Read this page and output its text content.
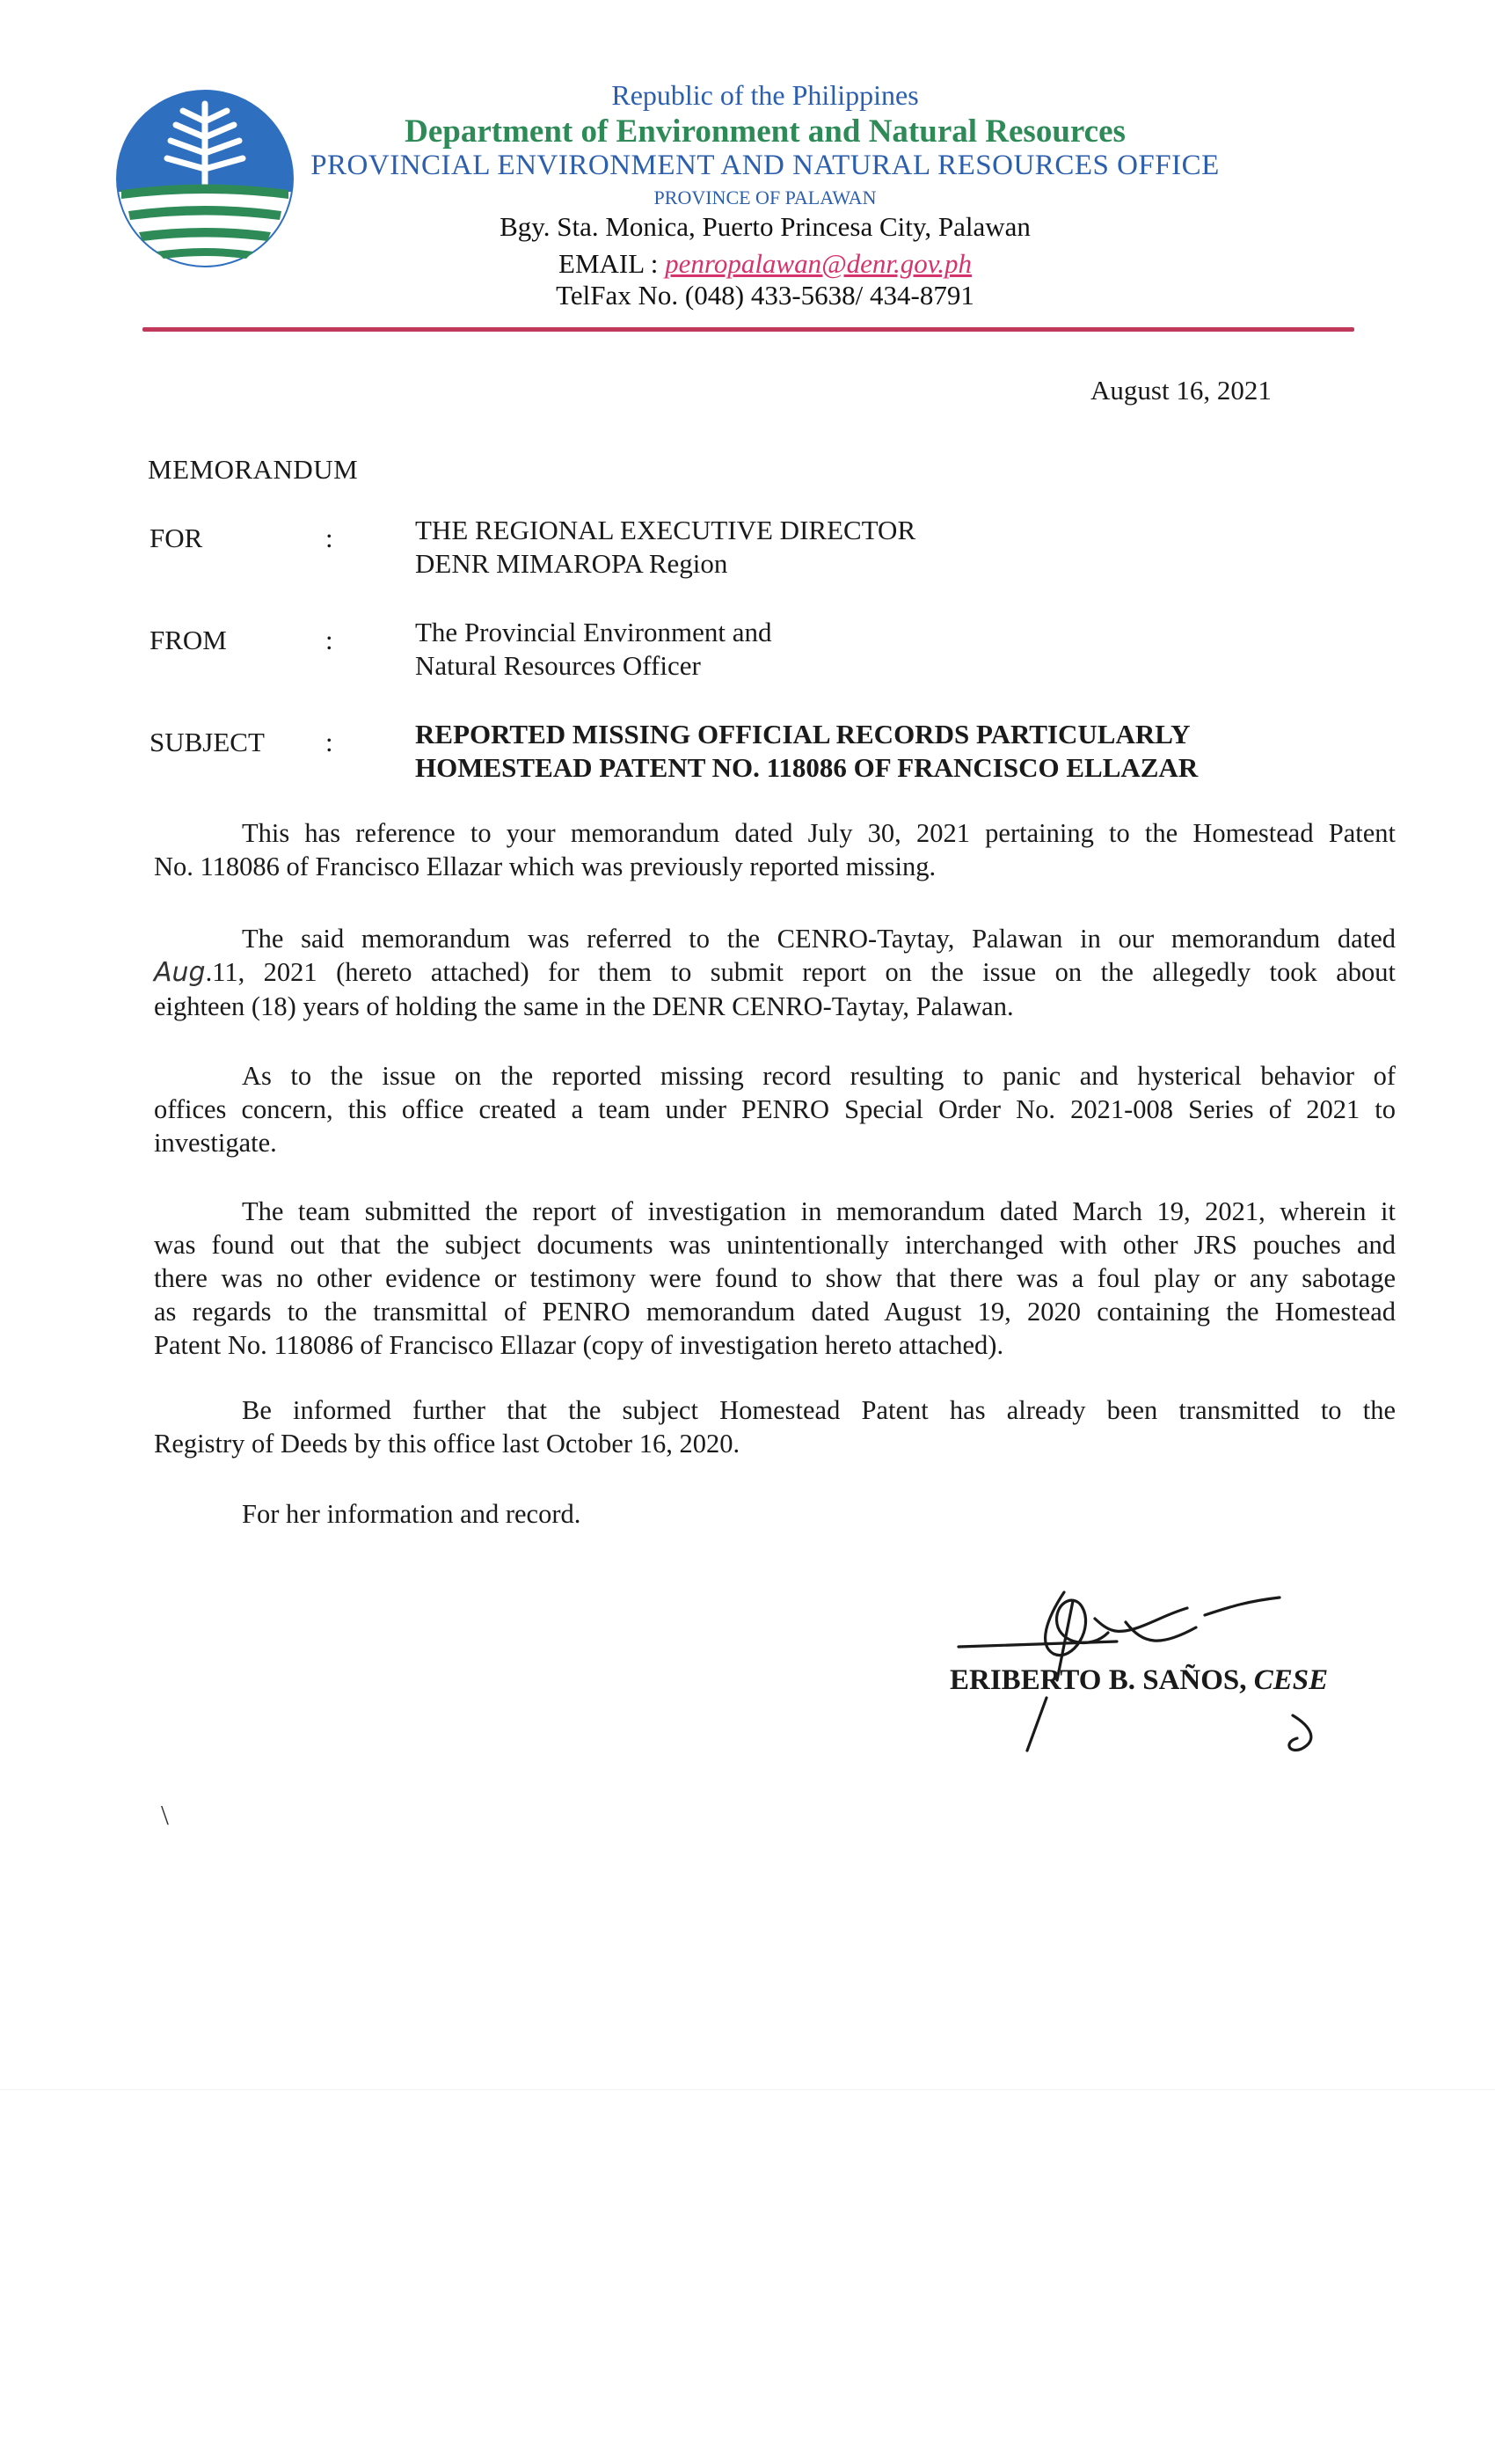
Republic of the Philippines
Department of Environment and Natural Resources
PROVINCIAL ENVIRONMENT AND NATURAL RESOURCES OFFICE
PROVINCE OF PALAWAN
Bgy. Sta. Monica, Puerto Princesa City, Palawan
EMAIL : penropalawan@denr.gov.ph
TelFax No. (048) 433-5638/ 434-8791
August 16, 2021
MEMORANDUM
FOR	:	THE REGIONAL EXECUTIVE DIRECTOR
DENR MIMAROPA Region
FROM	:	The Provincial Environment and
Natural Resources Officer
SUBJECT :	REPORTED MISSING OFFICIAL RECORDS PARTICULARLY
HOMESTEAD PATENT NO. 118086 OF FRANCISCO ELLAZAR
This has reference to your memorandum dated July 30, 2021 pertaining to the Homestead Patent
No. 118086 of Francisco Ellazar which was previously reported missing.
The said memorandum was referred to the CENRO-Taytay, Palawan in our memorandum dated
Aug.11, 2021 (hereto attached) for them to submit report on the issue on the allegedly took about
eighteen (18) years of holding the same in the DENR CENRO-Taytay, Palawan.
As to the issue on the reported missing record resulting to panic and hysterical behavior of
offices concern, this office created a team under PENRO Special Order No. 2021-008 Series of 2021 to
investigate.
The team submitted the report of investigation in memorandum dated March 19, 2021, wherein it
was found out that the subject documents was unintentionally interchanged with other JRS pouches and
there was no other evidence or testimony were found to show that there was a foul play or any sabotage
as regards to the transmittal of PENRO memorandum dated August 19, 2020 containing the Homestead
Patent No. 118086 of Francisco Ellazar (copy of investigation hereto attached).
Be informed further that the subject Homestead Patent has already been transmitted to the
Registry of Deeds by this office last October 16, 2020.
For her information and record.
ERIBERTO B. SAÑOS, CESE
\
